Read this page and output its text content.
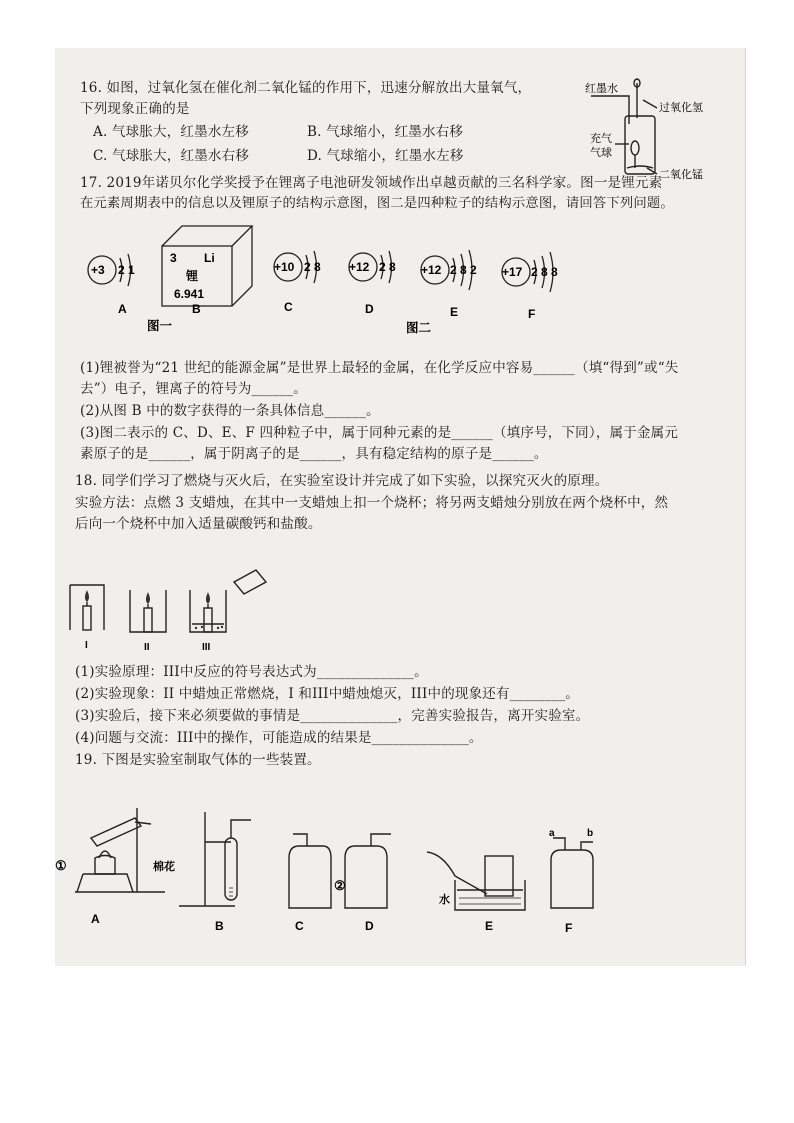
16. 如图，过氧化氢在催化剂二氧化锰的作用下，迅速分解放出大量氧气，
下列现象正确的是
A. 气球胀大，红墨水左移	B. 气球缩小，红墨水右移
C. 气球胀大，红墨水右移	D. 气球缩小，红墨水左移
红墨水
过氧化氢
充气
气球
二氧化锰
17. 2019年诺贝尔化学奖授予在锂离子电池研发领域作出卓越贡献的三名科学家。图一是锂元素
在元素周期表中的信息以及锂原子的结构示意图，图二是四种粒子的结构示意图，请回答下列问题。
+3 2 1
3 Li
锂
6.941
+10 2 8 +12 2 8 +12 2 8 2 +17 2 8 8
A	B	C	D	E	F
图一	图二
(1)锂被誉为“21 世纪的能源金属”是世界上最轻的金属，在化学反应中容易______（填“得到”或“失
去”）电子，锂离子的符号为______。
(2)从图 B 中的数字获得的一条具体信息______。
(3)图二表示的 C、D、E、F 四种粒子中，属于同种元素的是______（填序号，下同），属于金属元
素原子的是______，属于阴离子的是______，具有稳定结构的原子是______。
18. 同学们学习了燃烧与灭火后，在实验室设计并完成了如下实验，以探究灭火的原理。
实验方法：点燃 3 支蜡烛，在其中一支蜡烛上扣一个烧杯；将另两支蜡烛分别放在两个烧杯中，然
后向一个烧杯中加入适量碳酸钙和盐酸。
I	II	III
(1)实验原理：III中反应的符号表达式为______________。
(2)实验现象：II 中蜡烛正常燃烧，I 和III中蜡烛熄灭，III中的现象还有________。
(3)实验后，接下来必须要做的事情是______________，完善实验报告，离开实验室。
(4)问题与交流：III中的操作，可能造成的结果是______________。
19. 下图是实验室制取气体的一些装置。
①	棉花
②
水
a	b
A	B	C	D	E	F
